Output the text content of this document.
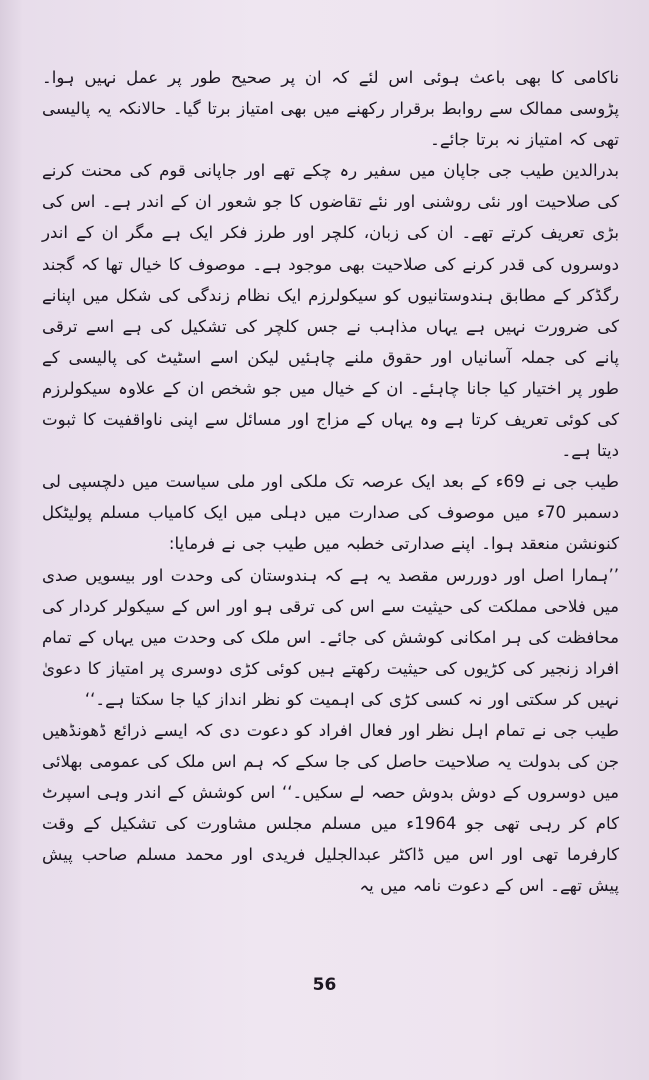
ناکامی کا بھی باعث ہوئی اس لئے کہ ان پر صحیح طور پر عمل نہیں ہوا۔ پڑوسی ممالک سے روابط برقرار رکھنے میں بھی امتیاز برتا گیا۔ حالانکہ یہ پالیسی تھی کہ امتیاز نہ برتا جائے۔

بدرالدین طیب جی جاپان میں سفیر رہ چکے تھے اور جاپانی قوم کی محنت کرنے کی صلاحیت اور نئی روشنی اور نئے تقاضوں کا جو شعور ان کے اندر ہے۔ اس کی بڑی تعریف کرتے تھے۔ ان کی زبان، کلچر اور طرز فکر ایک ہے مگر ان کے اندر دوسروں کی قدر کرنے کی صلاحیت بھی موجود ہے۔ موصوف کا خیال تھا کہ گجند رگڈکر کے مطابق ہندوستانیوں کو سیکولرزم ایک نظام زندگی کی شکل میں اپنانے کی ضرورت نہیں ہے یہاں مذاہب نے جس کلچر کی تشکیل کی ہے اسے ترقی پانے کی جملہ آسانیاں اور حقوق ملنے چاہئیں لیکن اسے اسٹیٹ کی پالیسی کے طور پر اختیار کیا جانا چاہئے۔ ان کے خیال میں جو شخص ان کے علاوہ سیکولرزم کی کوئی تعریف کرتا ہے وہ یہاں کے مزاج اور مسائل سے اپنی ناواقفیت کا ثبوت دیتا ہے۔

طیب جی نے 69ء کے بعد ایک عرصہ تک ملکی اور ملی سیاست میں دلچسپی لی دسمبر 70ء میں موصوف کی صدارت میں دہلی میں ایک کامیاب مسلم پولیٹکل کنونشن منعقد ہوا۔ اپنے صدارتی خطبہ میں طیب جی نے فرمایا:

’’ہمارا اصل اور دوررس مقصد یہ ہے کہ ہندوستان کی وحدت اور بیسویں صدی میں فلاحی مملکت کی حیثیت سے اس کی ترقی ہو اور اس کے سیکولر کردار کی محافظت کی ہر امکانی کوشش کی جائے۔ اس ملک کی وحدت میں یہاں کے تمام افراد زنجیر کی کڑیوں کی حیثیت رکھتے ہیں کوئی کڑی دوسری پر امتیاز کا دعویٰ نہیں کر سکتی اور نہ کسی کڑی کی اہمیت کو نظر انداز کیا جا سکتا ہے۔‘‘

طیب جی نے تمام اہل نظر اور فعال افراد کو دعوت دی کہ ایسے ذرائع ڈھونڈھیں جن کی بدولت یہ صلاحیت حاصل کی جا سکے کہ ہم اس ملک کی عمومی بھلائی میں دوسروں کے دوش بدوش حصہ لے سکیں۔‘‘ اس کوشش کے اندر وہی اسپرٹ کام کر رہی تھی جو 1964ء میں مسلم مجلس مشاورت کی تشکیل کے وقت کارفرما تھی اور اس میں ڈاکٹر عبدالجلیل فریدی اور محمد مسلم صاحب پیش پیش تھے۔ اس کے دعوت نامہ میں یہ

56
